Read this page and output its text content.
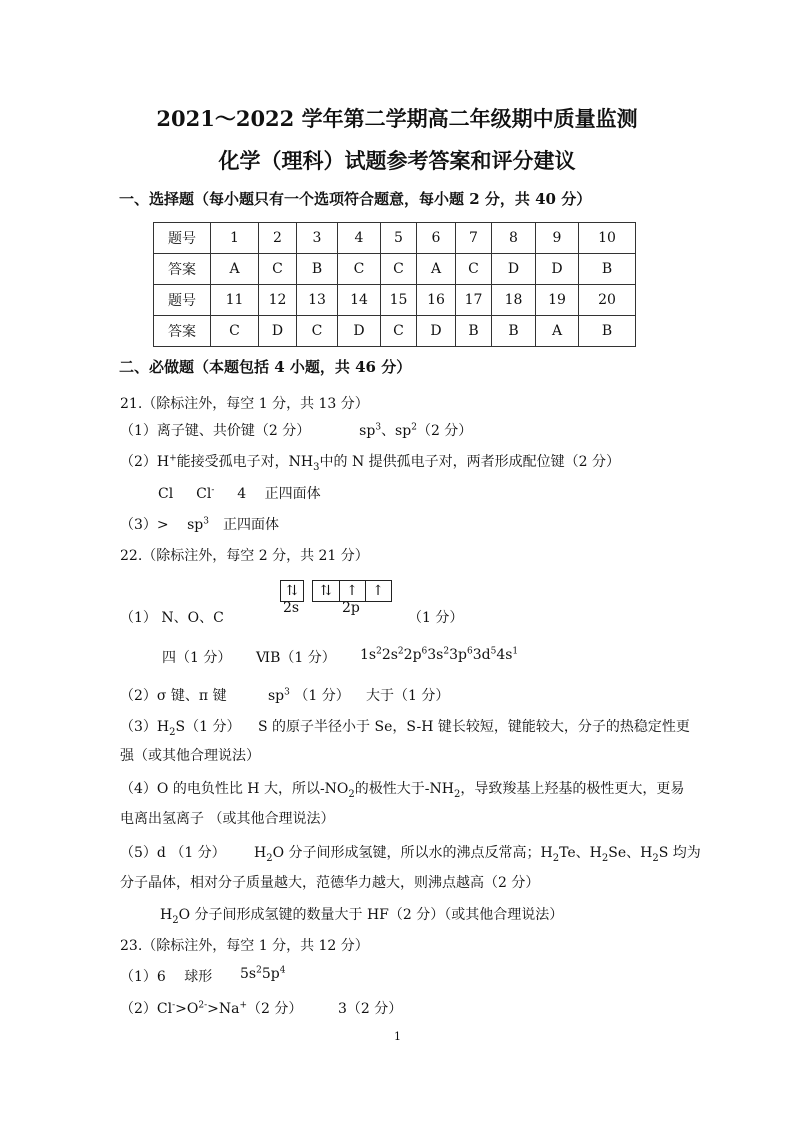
2021～2022 学年第二学期高二年级期中质量监测
化学（理科）试题参考答案和评分建议
一、选择题（每小题只有一个选项符合题意，每小题 2 分，共 40 分）
题号	1	2	3	4	5	6	7	8	9	10
答案	A	C	B	C	C	A	C	D	D	B
题号	11	12	13	14	15	16	17	18	19	20
答案	C	D	C	D	C	D	B	B	A	B
二、必做题（本题包括 4 小题，共 46 分）
21.（除标注外，每空 1 分，共 13 分）
（1）离子键、共价键（2 分）	$sp^3$、$sp^2(2$ 分）
（2）H+能接受孤电子对，$NH_3$中的 N 提供孤电子对，两者形成配位键（2 分）
Cl Cl- 4　 正四面体
（3）>　 $sp^3$　正四面体
22.（除标注外，每空 2 分，共 21 分）
⇅	⇅	↑	↑
2s	2p
（1） N、O、C	（1 分）
四（1 分） ⅥB（1 分） $1s^22s^22p^63s^23p^63d^54s^1$
（2）σ 键、π 键	$sp^3$ （1 分） 大于（1 分）
$(3)H_2S(1$ 分） S 的原子半径小于 Se，S-H 键长较短，键能较大，分子的热稳定性更
强（或其他合理说法）
（4）O 的电负性比 H 大，所以$-NO_2$的极性大于$-NH_2$，导致羧基上羟基的极性更大，更易
电离出氢离子 （或其他合理说法）
（5）d （1 分） $H_2O$ 分子间形成氢键，所以水的沸点反常高；$H_2Te$、$H_2Se$、$H_2S$ 均为
分子晶体，相对分子质量越大，范德华力越大，则沸点越高（2 分）
$H_2O$ 分子间形成氢键的数量大于 HF（2 分）（或其他合理说法）
23.（除标注外，每空 1 分，共 12 分）
（1）6　 球形 $5s^25p^4$
$(2)Cl^->O^{2-}>Na^+(2$ 分）	3（2 分）
1
